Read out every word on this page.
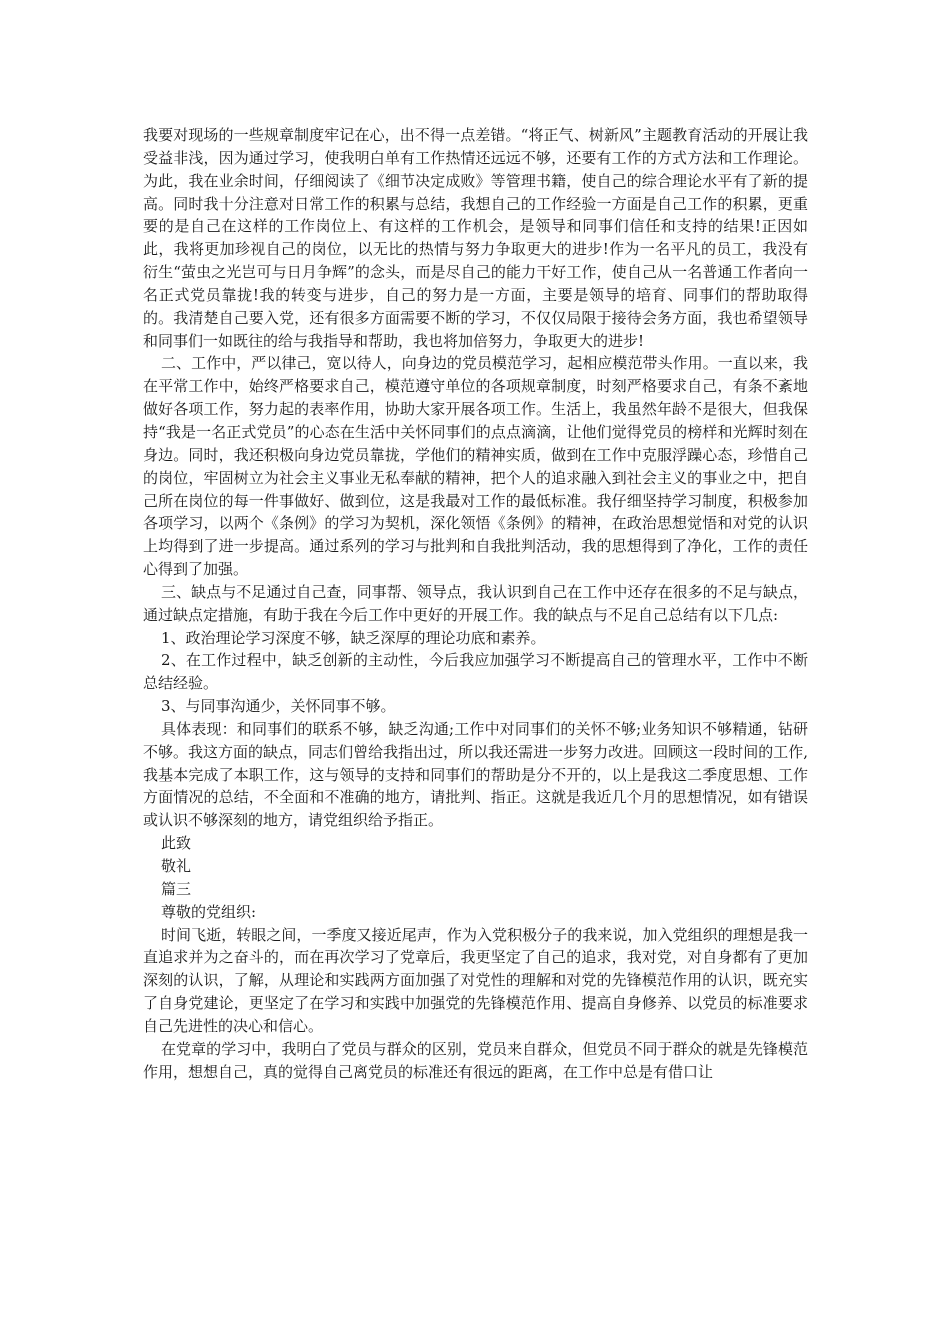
我要对现场的一些规章制度牢记在心，出不得一点差错。“将正气、树新风”主题教育活动的开展让我受益非浅，因为通过学习，使我明白单有工作热情还远远不够，还要有工作的方式方法和工作理论。为此，我在业余时间，仔细阅读了《细节决定成败》等管理书籍，使自己的综合理论水平有了新的提高。同时我十分注意对日常工作的积累与总结，我想自己的工作经验一方面是自己工作的积累，更重要的是自己在这样的工作岗位上、有这样的工作机会，是领导和同事们信任和支持的结果!正因如此，我将更加珍视自己的岗位，以无比的热情与努力争取更大的进步!作为一名平凡的员工，我没有衍生“萤虫之光岂可与日月争辉”的念头，而是尽自己的能力干好工作，使自己从一名普通工作者向一名正式党员靠拢!我的转变与进步，自己的努力是一方面，主要是领导的培育、同事们的帮助取得的。我清楚自己要入党，还有很多方面需要不断的学习，不仅仅局限于接待会务方面，我也希望领导和同事们一如既往的给与我指导和帮助，我也将加倍努力，争取更大的进步!

二、工作中，严以律己，宽以待人，向身边的党员模范学习，起相应模范带头作用。一直以来，我在平常工作中，始终严格要求自己，模范遵守单位的各项规章制度，时刻严格要求自己，有条不紊地做好各项工作，努力起的表率作用，协助大家开展各项工作。生活上，我虽然年龄不是很大，但我保持“我是一名正式党员”的心态在生活中关怀同事们的点点滴滴，让他们觉得党员的榜样和光辉时刻在身边。同时，我还积极向身边党员靠拢，学他们的精神实质，做到在工作中克服浮躁心态，珍惜自己的岗位，牢固树立为社会主义事业无私奉献的精神，把个人的追求融入到社会主义的事业之中，把自己所在岗位的每一件事做好、做到位，这是我最对工作的最低标准。我仔细坚持学习制度，积极参加各项学习，以两个《条例》的学习为契机，深化领悟《条例》的精神，在政治思想觉悟和对党的认识上均得到了进一步提高。通过系列的学习与批判和自我批判活动，我的思想得到了净化，工作的责任心得到了加强。

三、缺点与不足通过自己查，同事帮、领导点，我认识到自己在工作中还存在很多的不足与缺点，通过缺点定措施，有助于我在今后工作中更好的开展工作。我的缺点与不足自己总结有以下几点:

1、政治理论学习深度不够，缺乏深厚的理论功底和素养。

2、在工作过程中，缺乏创新的主动性，今后我应加强学习不断提高自己的管理水平，工作中不断总结经验。

3、与同事沟通少，关怀同事不够。

具体表现：和同事们的联系不够，缺乏沟通;工作中对同事们的关怀不够;业务知识不够精通，钻研不够。我这方面的缺点，同志们曾给我指出过，所以我还需进一步努力改进。回顾这一段时间的工作,我基本完成了本职工作，这与领导的支持和同事们的帮助是分不开的，以上是我这二季度思想、工作方面情况的总结，不全面和不准确的地方，请批判、指正。这就是我近几个月的思想情况，如有错误或认识不够深刻的地方，请党组织给予指正。

此致

敬礼

篇三

尊敬的党组织:

时间飞逝，转眼之间，一季度又接近尾声，作为入党积极分子的我来说，加入党组织的理想是我一直追求并为之奋斗的，而在再次学习了党章后，我更坚定了自己的追求，我对党，对自身都有了更加深刻的认识，了解，从理论和实践两方面加强了对党性的理解和对党的先锋模范作用的认识，既充实了自身党建论，更坚定了在学习和实践中加强党的先锋模范作用、提高自身修养、以党员的标准要求自己先进性的决心和信心。

在党章的学习中，我明白了党员与群众的区别，党员来自群众，但党员不同于群众的就是先锋模范作用，想想自己，真的觉得自己离党员的标准还有很远的距离，在工作中总是有借口让
